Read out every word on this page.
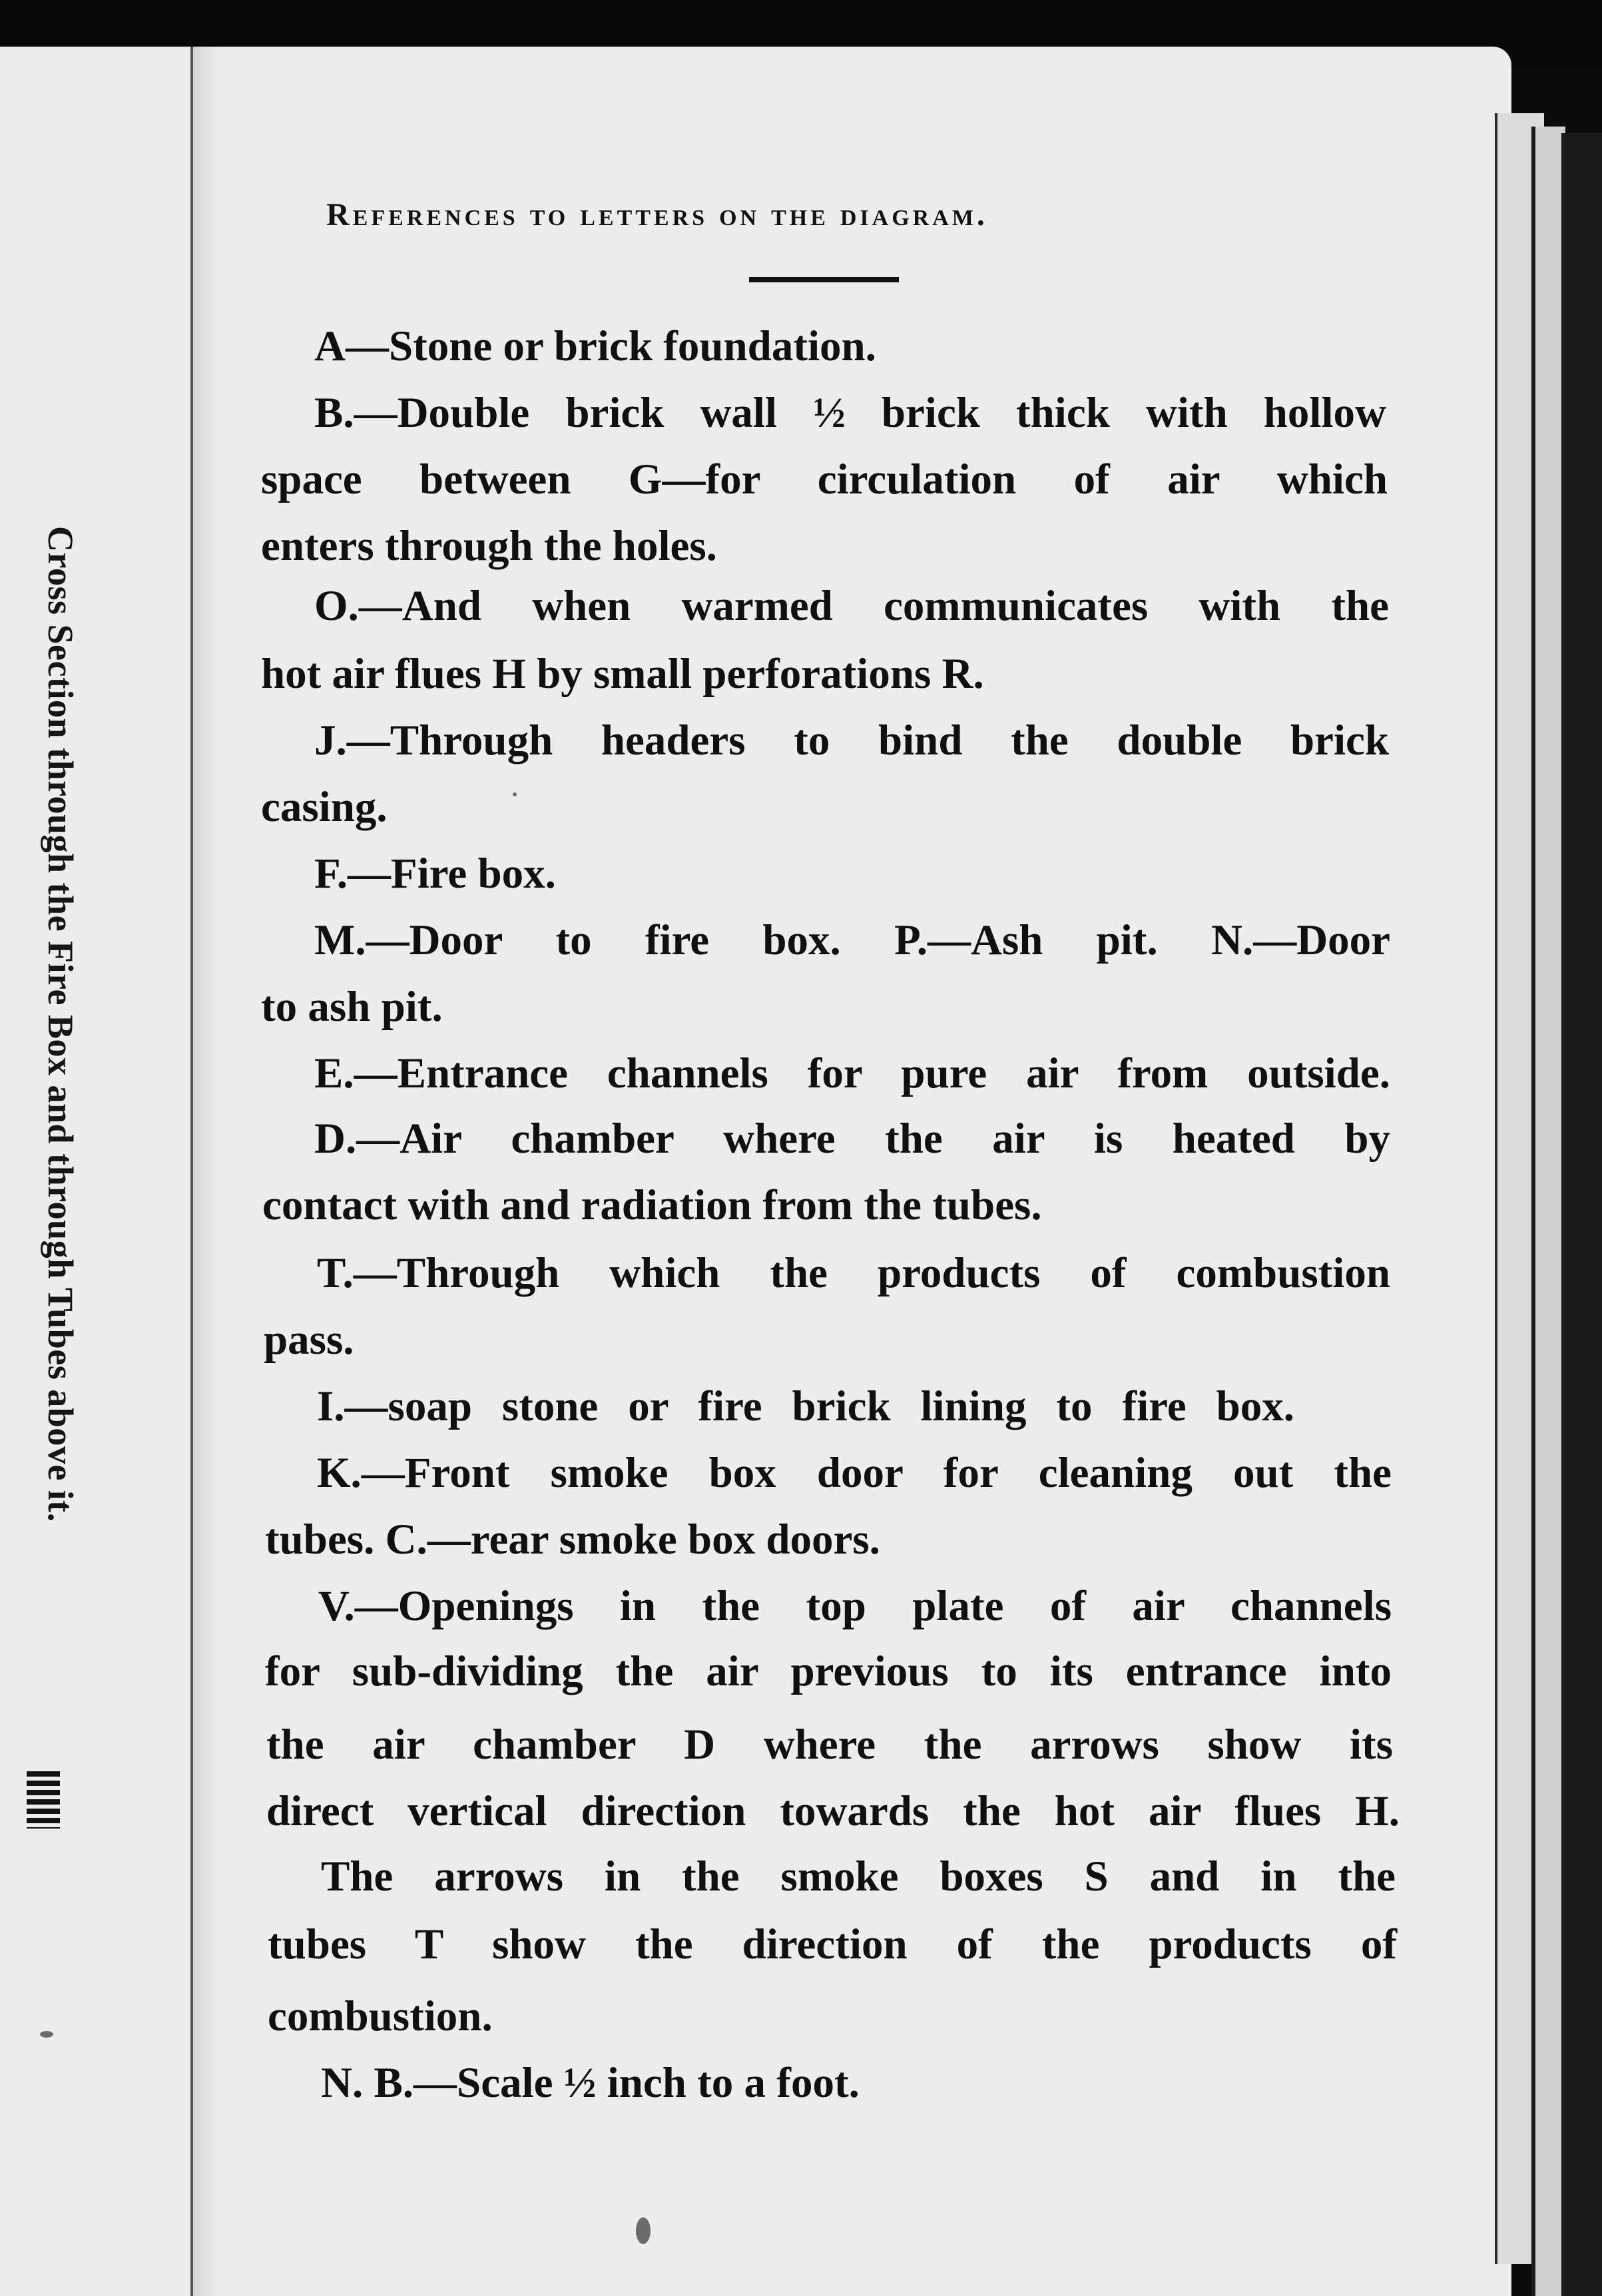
Cross Section through the Fire Box and through Tubes above it.
References to letters on the diagram.
A—Stone or brick foundation.
B.—Double brick wall ½ brick thick with hollow
space between G—for circulation of air which
enters through the holes.
O.—And when warmed communicates with the
hot air flues H by small perforations R.
J.—Through headers to bind the double brick
casing.
F.—Fire box.
M.—Door to fire box. P.—Ash pit. N.—Door
to ash pit.
E.—Entrance channels for pure air from outside.
D.—Air chamber where the air is heated by
contact with and radiation from the tubes.
T.—Through which the products of combustion
pass.
I.—soap stone or fire brick lining to fire box.
K.—Front smoke box door for cleaning out the
tubes. C.—rear smoke box doors.
V.—Openings in the top plate of air channels
for sub-dividing the air previous to its entrance into
the air chamber D where the arrows show its
direct vertical direction towards the hot air flues H.
The arrows in the smoke boxes S and in the
tubes T show the direction of the products of
combustion.
N. B.—Scale ½ inch to a foot.
